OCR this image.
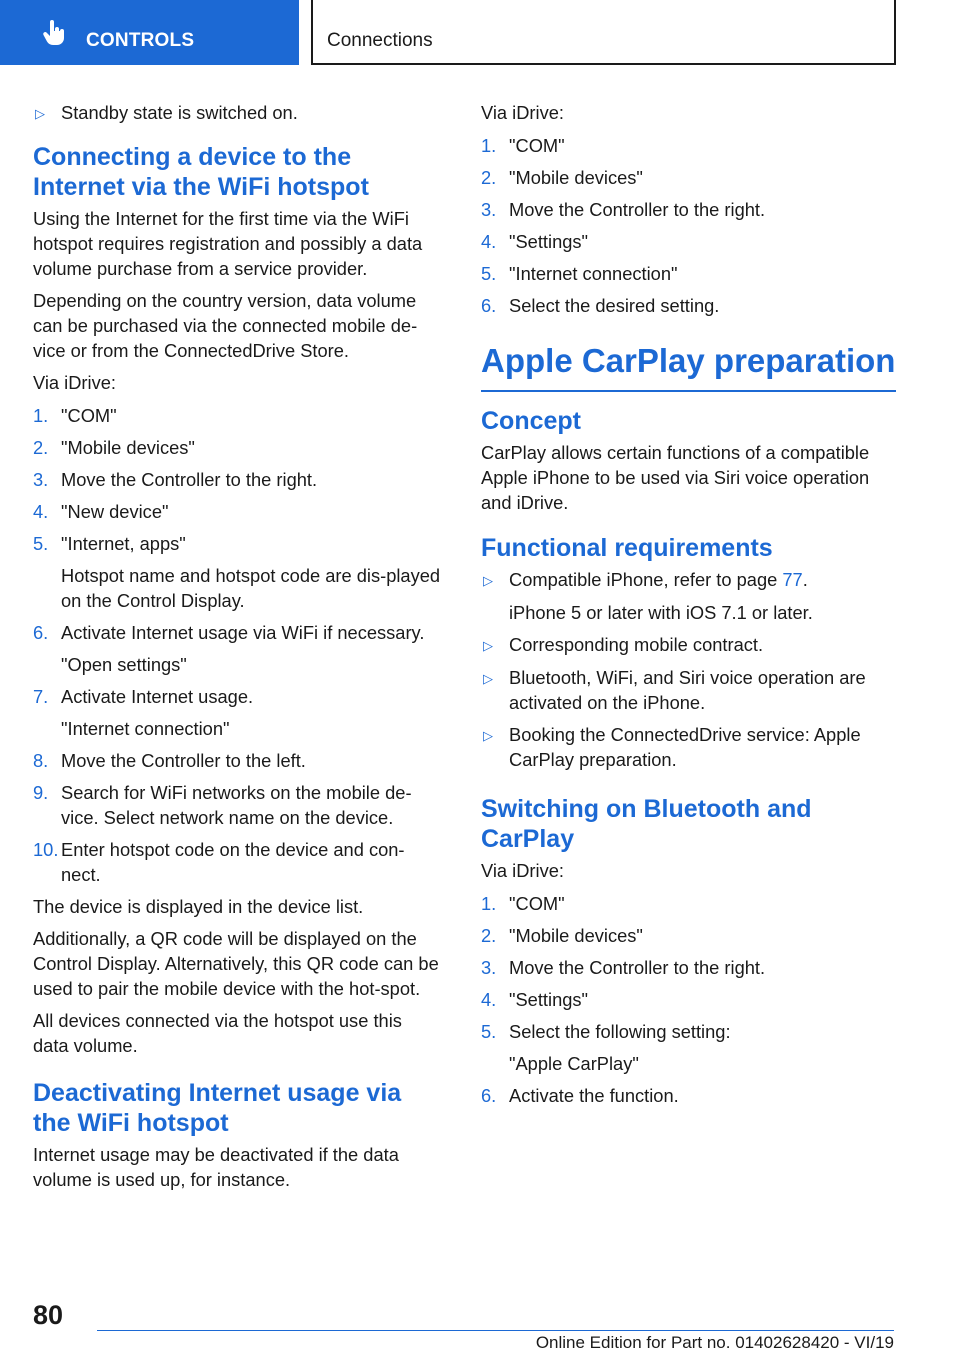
CONTROLS	Connections
▷ Standby state is switched on.
Connecting a device to the Internet via the WiFi hotspot
Using the Internet for the first time via the WiFi hotspot requires registration and possibly a data volume purchase from a service provider.
Depending on the country version, data volume can be purchased via the connected mobile de‐vice or from the ConnectedDrive Store.
Via iDrive:
1. "COM"
2. "Mobile devices"
3. Move the Controller to the right.
4. "New device"
5. "Internet, apps"
Hotspot name and hotspot code are dis‐played on the Control Display.
6. Activate Internet usage via WiFi if necessary.
"Open settings"
7. Activate Internet usage.
"Internet connection"
8. Move the Controller to the left.
9. Search for WiFi networks on the mobile de‐vice. Select network name on the device.
10. Enter hotspot code on the device and con‐nect.
The device is displayed in the device list.
Additionally, a QR code will be displayed on the Control Display. Alternatively, this QR code can be used to pair the mobile device with the hot‐spot.
All devices connected via the hotspot use this data volume.
Deactivating Internet usage via the WiFi hotspot
Internet usage may be deactivated if the data volume is used up, for instance.
Via iDrive:
1. "COM"
2. "Mobile devices"
3. Move the Controller to the right.
4. "Settings"
5. "Internet connection"
6. Select the desired setting.
Apple CarPlay preparation
Concept
CarPlay allows certain functions of a compatible Apple iPhone to be used via Siri voice operation and iDrive.
Functional requirements
▷ Compatible iPhone, refer to page 77.
iPhone 5 or later with iOS 7.1 or later.
▷ Corresponding mobile contract.
▷ Bluetooth, WiFi, and Siri voice operation are activated on the iPhone.
▷ Booking the ConnectedDrive service: Apple CarPlay preparation.
Switching on Bluetooth and CarPlay
Via iDrive:
1. "COM"
2. "Mobile devices"
3. Move the Controller to the right.
4. "Settings"
5. Select the following setting:
"Apple CarPlay"
6. Activate the function.
80
Online Edition for Part no. 01402628420 - VI/19
